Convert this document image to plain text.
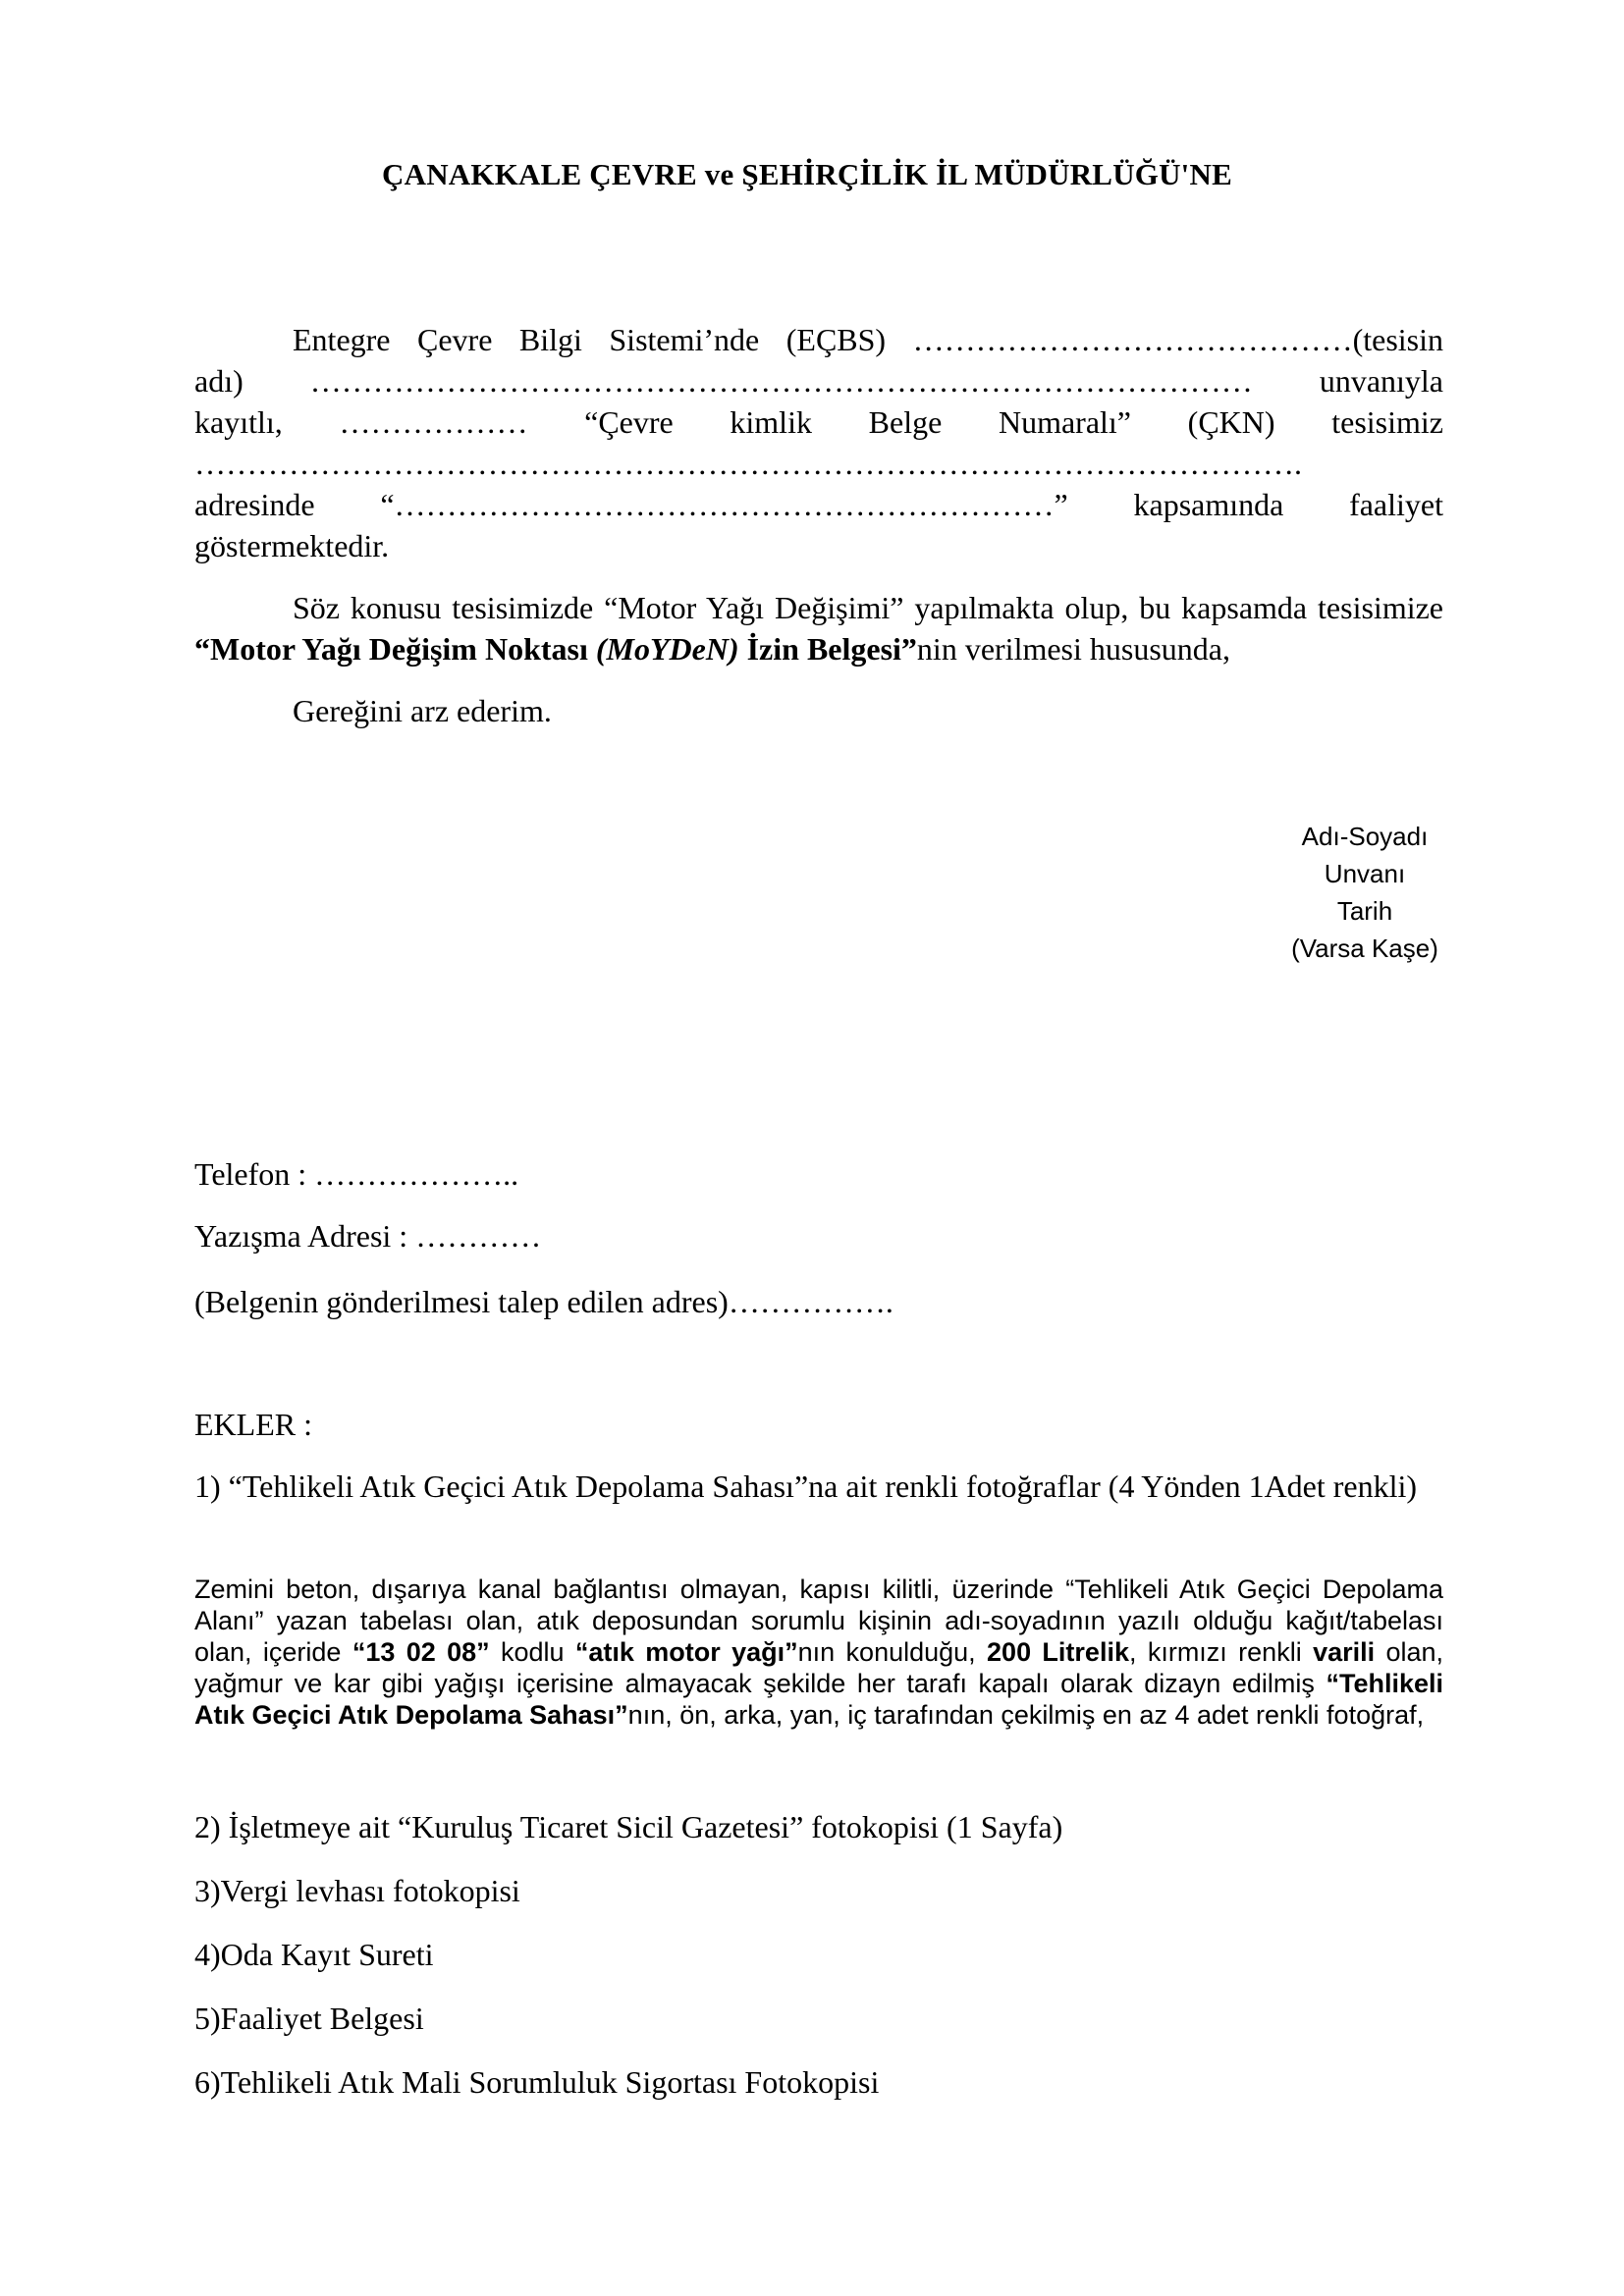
ÇANAKKALE ÇEVRE ve ŞEHİRÇİLİK İL MÜDÜRLÜĞÜ'NE
Entegre Çevre Bilgi Sistemi’nde (EÇBS) ……………………………………(tesisin
adı) ……………………………………………………………………………… unvanıyla
kayıtlı, ……………… “Çevre kimlik Belge Numaralı” (ÇKN) tesisimiz
…………………………………………………………………………………………….
adresinde “………………………………………………………” kapsamında faaliyet
göstermektedir.
Söz konusu tesisimizde “Motor Yağı Değişimi” yapılmakta olup, bu kapsamda tesisimize “Motor Yağı Değişim Noktası (MoYDeN) İzin Belgesi”nin verilmesi hususunda,
Gereğini arz ederim.
Adı-Soyadı
Unvanı
Tarih
(Varsa Kaşe)
Telefon : ………………..
Yazışma Adresi : …………
(Belgenin gönderilmesi talep edilen adres)…………….
EKLER :
1) “Tehlikeli Atık Geçici Atık Depolama Sahası”na ait renkli fotoğraflar (4 Yönden 1Adet renkli)
Zemini beton, dışarıya kanal bağlantısı olmayan, kapısı kilitli, üzerinde “Tehlikeli Atık Geçici Depolama Alanı” yazan tabelası olan, atık deposundan sorumlu kişinin adı-soyadının yazılı olduğu kağıt/tabelası olan, içeride “13 02 08” kodlu “atık motor yağı”nın konulduğu, 200 Litrelik, kırmızı renkli varili olan, yağmur ve kar gibi yağışı içerisine almayacak şekilde her tarafı kapalı olarak dizayn edilmiş “Tehlikeli Atık Geçici Atık Depolama Sahası”nın, ön, arka, yan, iç tarafından çekilmiş en az 4 adet renkli fotoğraf,
2) İşletmeye ait “Kuruluş Ticaret Sicil Gazetesi” fotokopisi (1 Sayfa)
3)Vergi levhası fotokopisi
4)Oda Kayıt Sureti
5)Faaliyet Belgesi
6)Tehlikeli Atık Mali Sorumluluk Sigortası Fotokopisi
